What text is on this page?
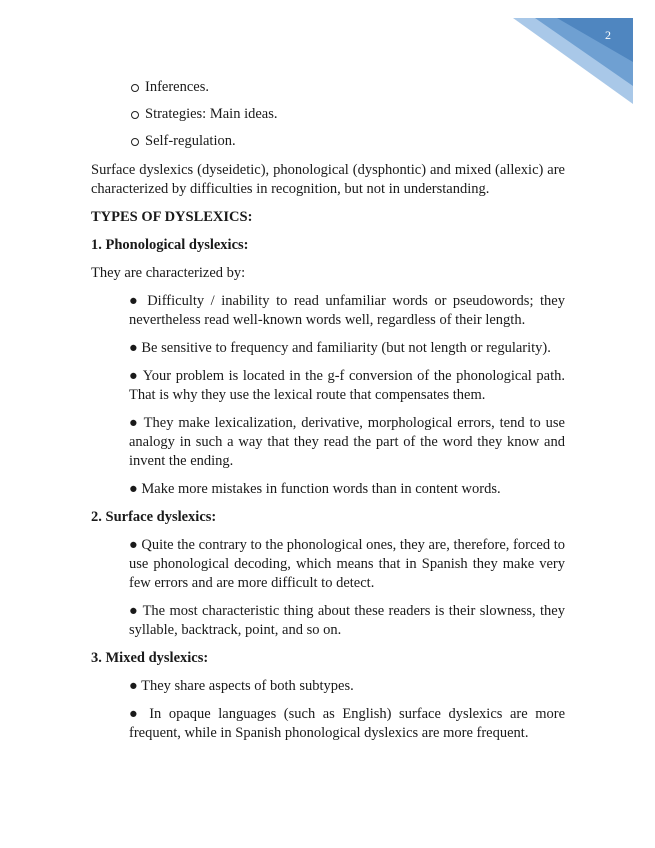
2
Inferences.
Strategies: Main ideas.
Self-regulation.

Surface dyslexics (dyseidetic), phonological (dysphontic) and mixed (allexic) are characterized by difficulties in recognition, but not in understanding.

TYPES OF DYSLEXICS:

1. Phonological dyslexics:

They are characterized by:

● Difficulty / inability to read unfamiliar words or pseudowords; they nevertheless read well-known words well, regardless of their length.

● Be sensitive to frequency and familiarity (but not length or regularity).

● Your problem is located in the g-f conversion of the phonological path. That is why they use the lexical route that compensates them.

● They make lexicalization, derivative, morphological errors, tend to use analogy in such a way that they read the part of the word they know and invent the ending.

● Make more mistakes in function words than in content words.

2. Surface dyslexics:

● Quite the contrary to the phonological ones, they are, therefore, forced to use phonological decoding, which means that in Spanish they make very few errors and are more difficult to detect.

● The most characteristic thing about these readers is their slowness, they syllable, backtrack, point, and so on.

3. Mixed dyslexics:

● They share aspects of both subtypes.

● In opaque languages (such as English) surface dyslexics are more frequent, while in Spanish phonological dyslexics are more frequent.
